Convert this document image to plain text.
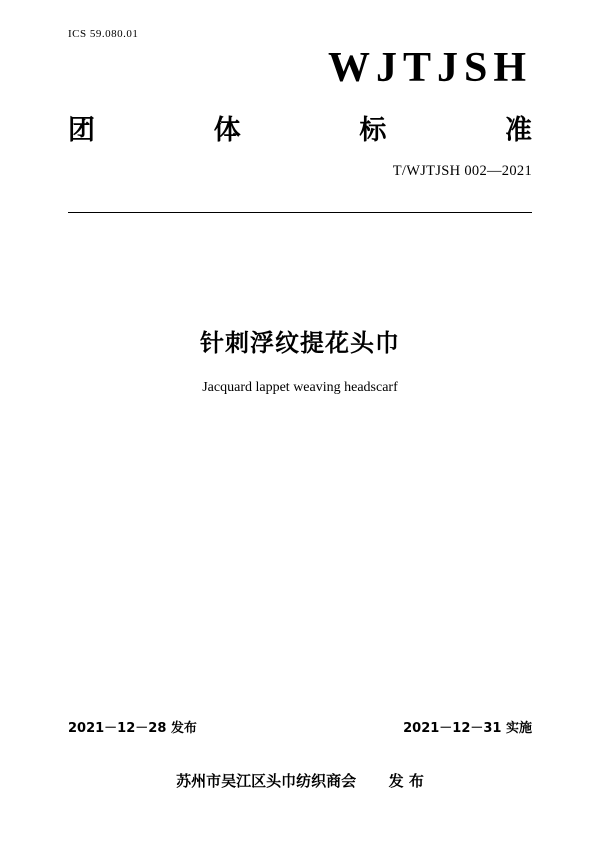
ICS 59.080.01
WJTJSH
团	体	标	准
T/WJTJSH 002—2021
针刺浮纹提花头巾
Jacquard lappet weaving headscarf
2021－12－28 发布	2021－12－31 实施
苏州市吴江区头巾纺织商会 发 布
